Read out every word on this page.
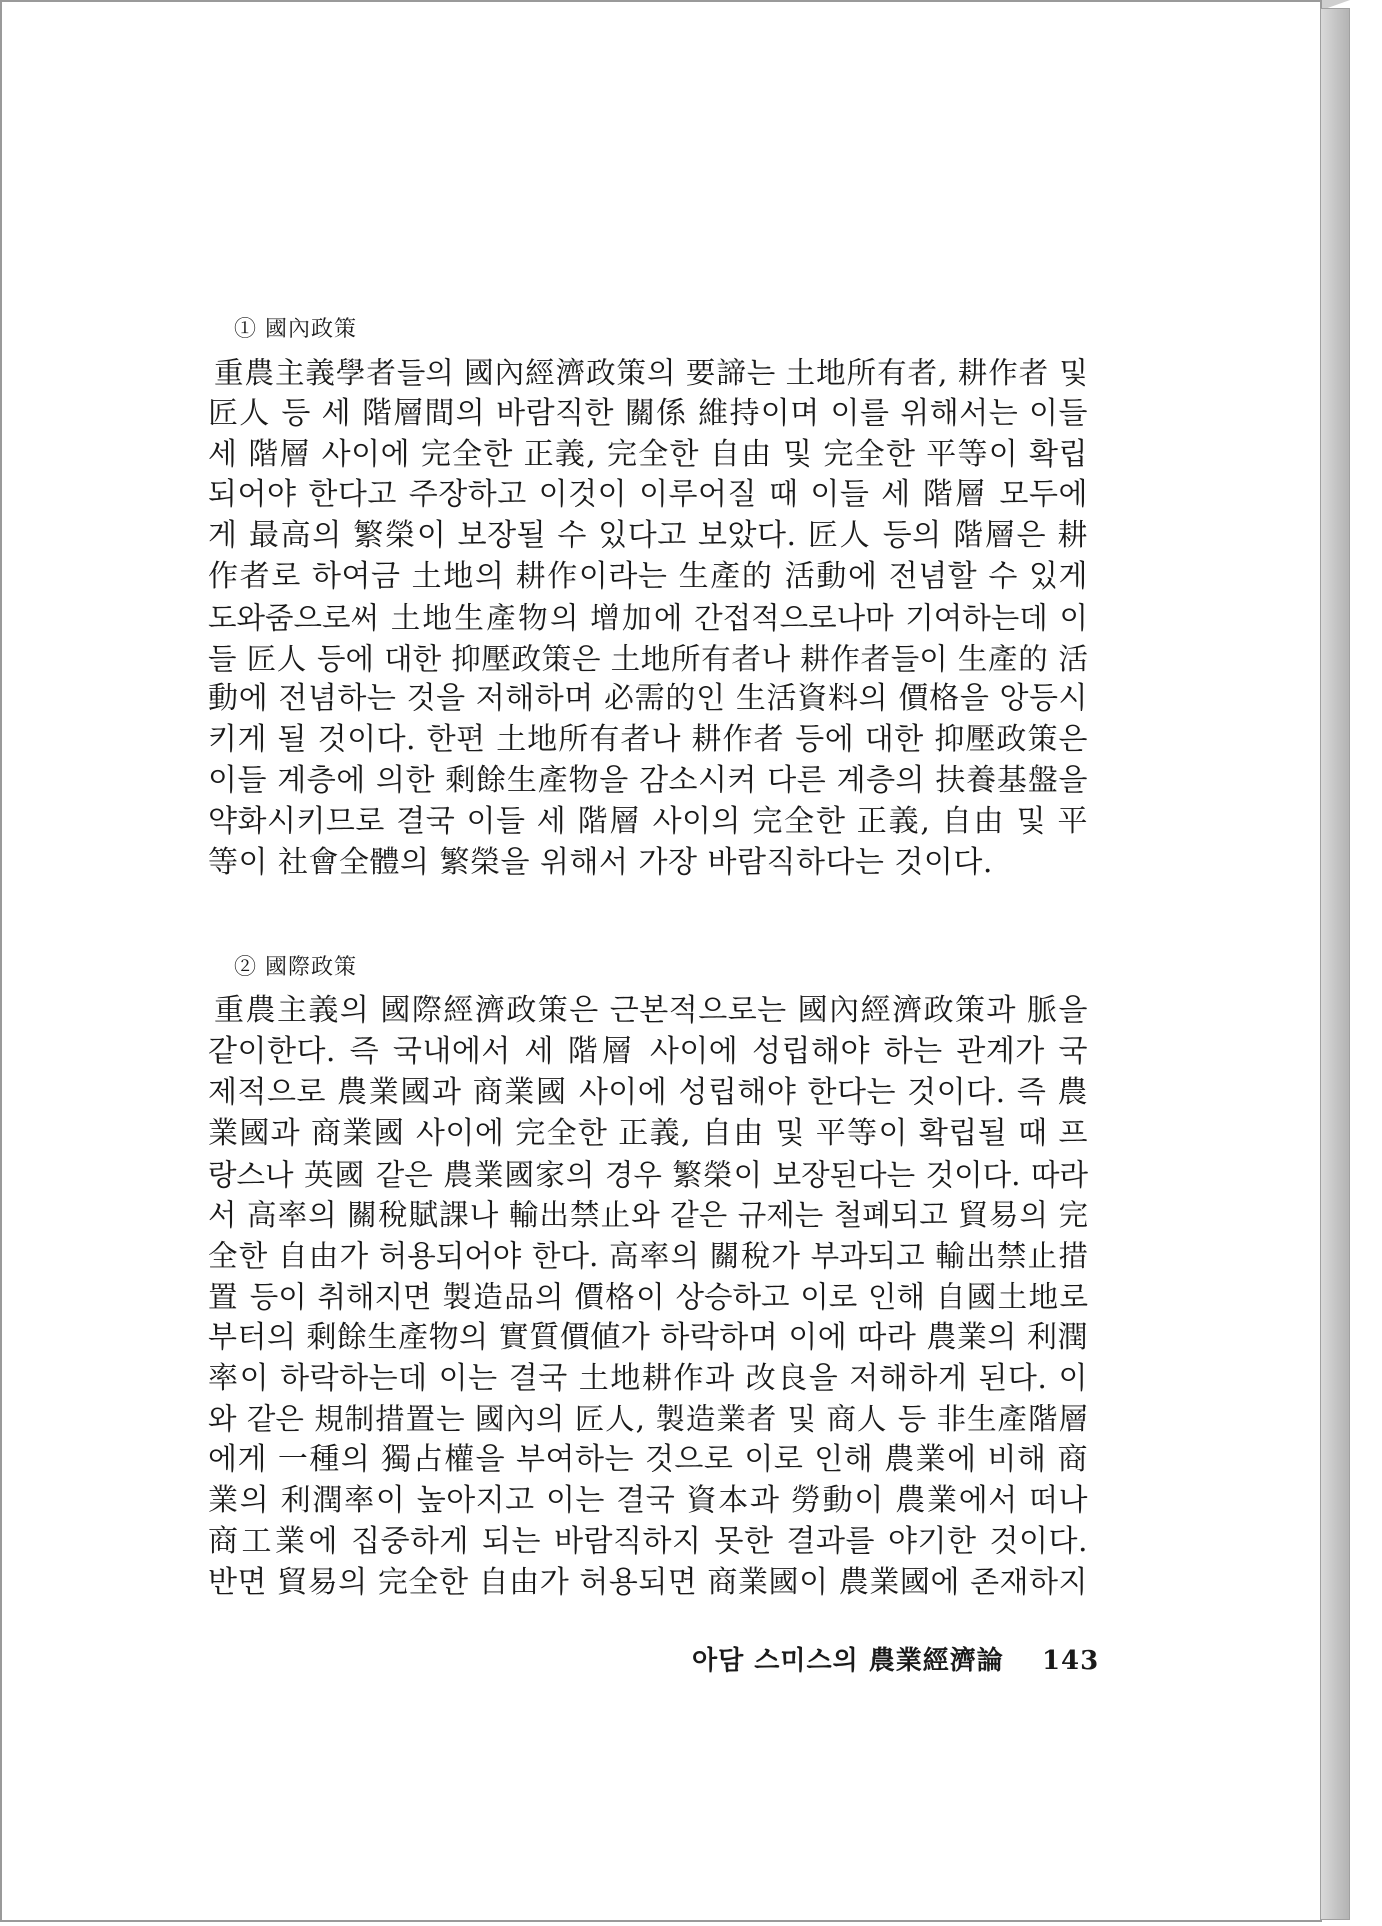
① 國內政策
重農主義學者들의 國內經濟政策의 要諦는 土地所有者, 耕作者 및
匠人 등 세 階層間의 바람직한 關係 維持이며 이를 위해서는 이들
세 階層 사이에 完全한 正義, 完全한 自由 및 完全한 平等이 확립
되어야 한다고 주장하고 이것이 이루어질 때 이들 세 階層 모두에
게 最高의 繁榮이 보장될 수 있다고 보았다. 匠人 등의 階層은 耕
作者로 하여금 土地의 耕作이라는 生產的 活動에 전념할 수 있게
도와줌으로써 土地生產物의 增加에 간접적으로나마 기여하는데 이
들 匠人 등에 대한 抑壓政策은 土地所有者나 耕作者들이 生產的 活
動에 전념하는 것을 저해하며 必需的인 生活資料의 價格을 앙등시
키게 될 것이다. 한편 土地所有者나 耕作者 등에 대한 抑壓政策은
이들 계층에 의한 剩餘生產物을 감소시켜 다른 계층의 扶養基盤을
약화시키므로 결국 이들 세 階層 사이의 完全한 正義, 自由 및 平
等이 社會全體의 繁榮을 위해서 가장 바람직하다는 것이다.
② 國際政策
重農主義의 國際經濟政策은 근본적으로는 國內經濟政策과 脈을
같이한다. 즉 국내에서 세 階層 사이에 성립해야 하는 관계가 국
제적으로 農業國과 商業國 사이에 성립해야 한다는 것이다. 즉 農
業國과 商業國 사이에 完全한 正義, 自由 및 平等이 확립될 때 프
랑스나 英國 같은 農業國家의 경우 繁榮이 보장된다는 것이다. 따라
서 高率의 關稅賦課나 輸出禁止와 같은 규제는 철폐되고 貿易의 完
全한 自由가 허용되어야 한다. 高率의 關稅가 부과되고 輸出禁止措
置 등이 취해지면 製造品의 價格이 상승하고 이로 인해 自國土地로
부터의 剩餘生產物의 實質價値가 하락하며 이에 따라 農業의 利潤
率이 하락하는데 이는 결국 土地耕作과 改良을 저해하게 된다. 이
와 같은 規制措置는 國內의 匠人, 製造業者 및 商人 등 非生產階層
에게 一種의 獨占權을 부여하는 것으로 이로 인해 農業에 비해 商
業의 利潤率이 높아지고 이는 결국 資本과 勞動이 農業에서 떠나
商工業에 집중하게 되는 바람직하지 못한 결과를 야기한 것이다.
반면 貿易의 完全한 自由가 허용되면 商業國이 農業國에 존재하지
아담 스미스의 農業經濟論 143
